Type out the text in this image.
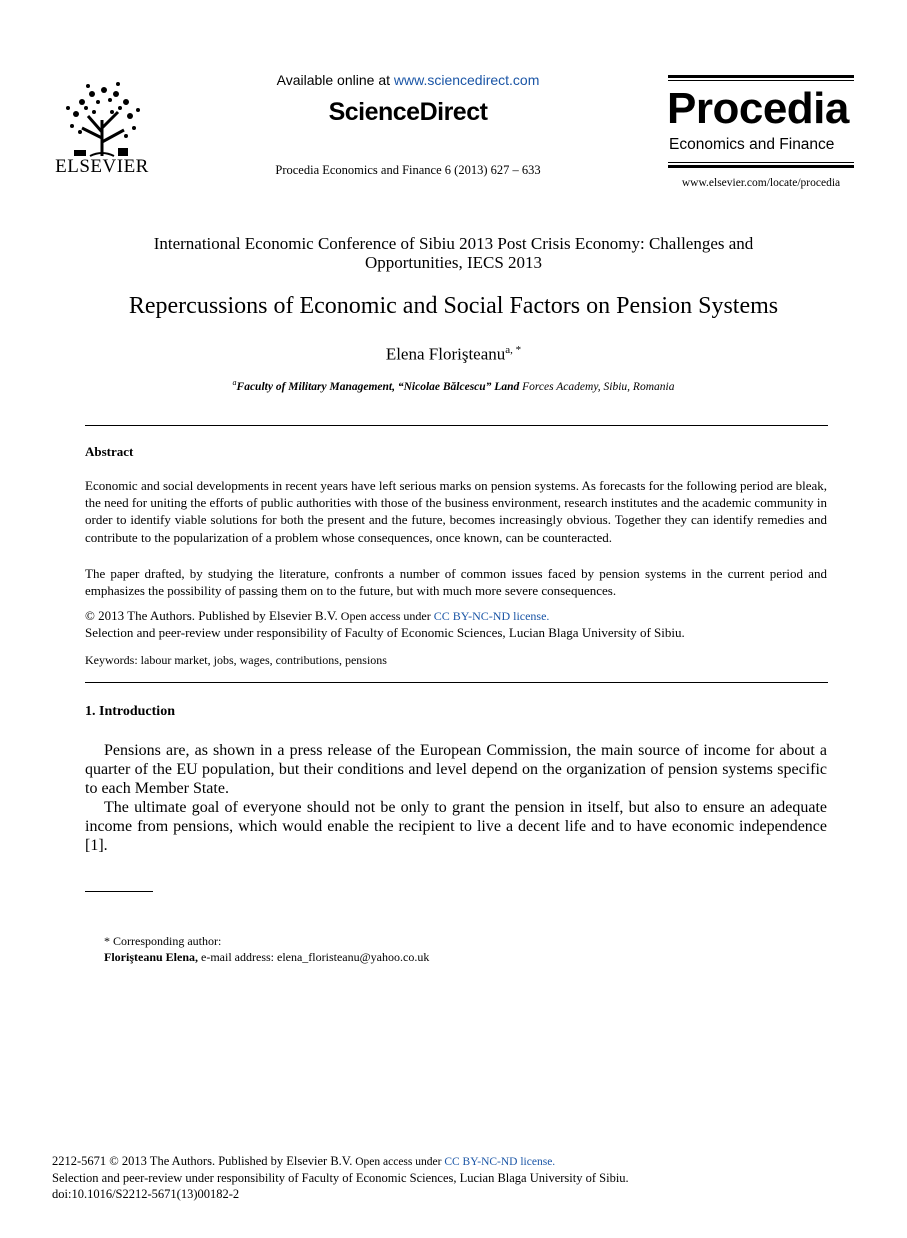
ELSEVIER
Available online at www.sciencedirect.com
ScienceDirect
Procedia Economics and Finance 6 (2013) 627 – 633
Procedia
Economics and Finance
www.elsevier.com/locate/procedia
International Economic Conference of Sibiu 2013 Post Crisis Economy: Challenges and
Opportunities, IECS 2013
Repercussions of Economic and Social Factors on Pension Systems
Elena Florişteanu$^{a, *}$
$^a$Faculty of Military Management, “Nicolae Bălcescu” Land Forces Academy, Sibiu, Romania
Abstract
Economic and social developments in recent years have left serious marks on pension systems. As forecasts for the following period are bleak, the need for uniting the efforts of public authorities with those of the business environment, research institutes and the academic community in order to identify viable solutions for both the present and the future, becomes increasingly obvious. Together they can identify remedies and contribute to the popularization of a problem whose consequences, once known, can be counteracted.
The paper drafted, by studying the literature, confronts a number of common issues faced by pension systems in the current period and emphasizes the possibility of passing them on to the future, but with much more severe consequences.
© 2013 The Authors. Published by Elsevier B.V. Open access under CC BY-NC-ND license.
Selection and peer-review under responsibility of Faculty of Economic Sciences, Lucian Blaga University of Sibiu.
Keywords: labour market, jobs, wages, contributions, pensions
1. Introduction
Pensions are, as shown in a press release of the European Commission, the main source of income for about a quarter of the EU population, but their conditions and level depend on the organization of pension systems specific to each Member State.
The ultimate goal of everyone should not be only to grant the pension in itself, but also to ensure an adequate income from pensions, which would enable the recipient to live a decent life and to have economic independence [1].
* Corresponding author:
Florişteanu Elena, e-mail address: elena_floristeanu@yahoo.co.uk
2212-5671 © 2013 The Authors. Published by Elsevier B.V. Open access under CC BY-NC-ND license.
Selection and peer-review under responsibility of Faculty of Economic Sciences, Lucian Blaga University of Sibiu.
doi:10.1016/S2212-5671(13)00182-2
